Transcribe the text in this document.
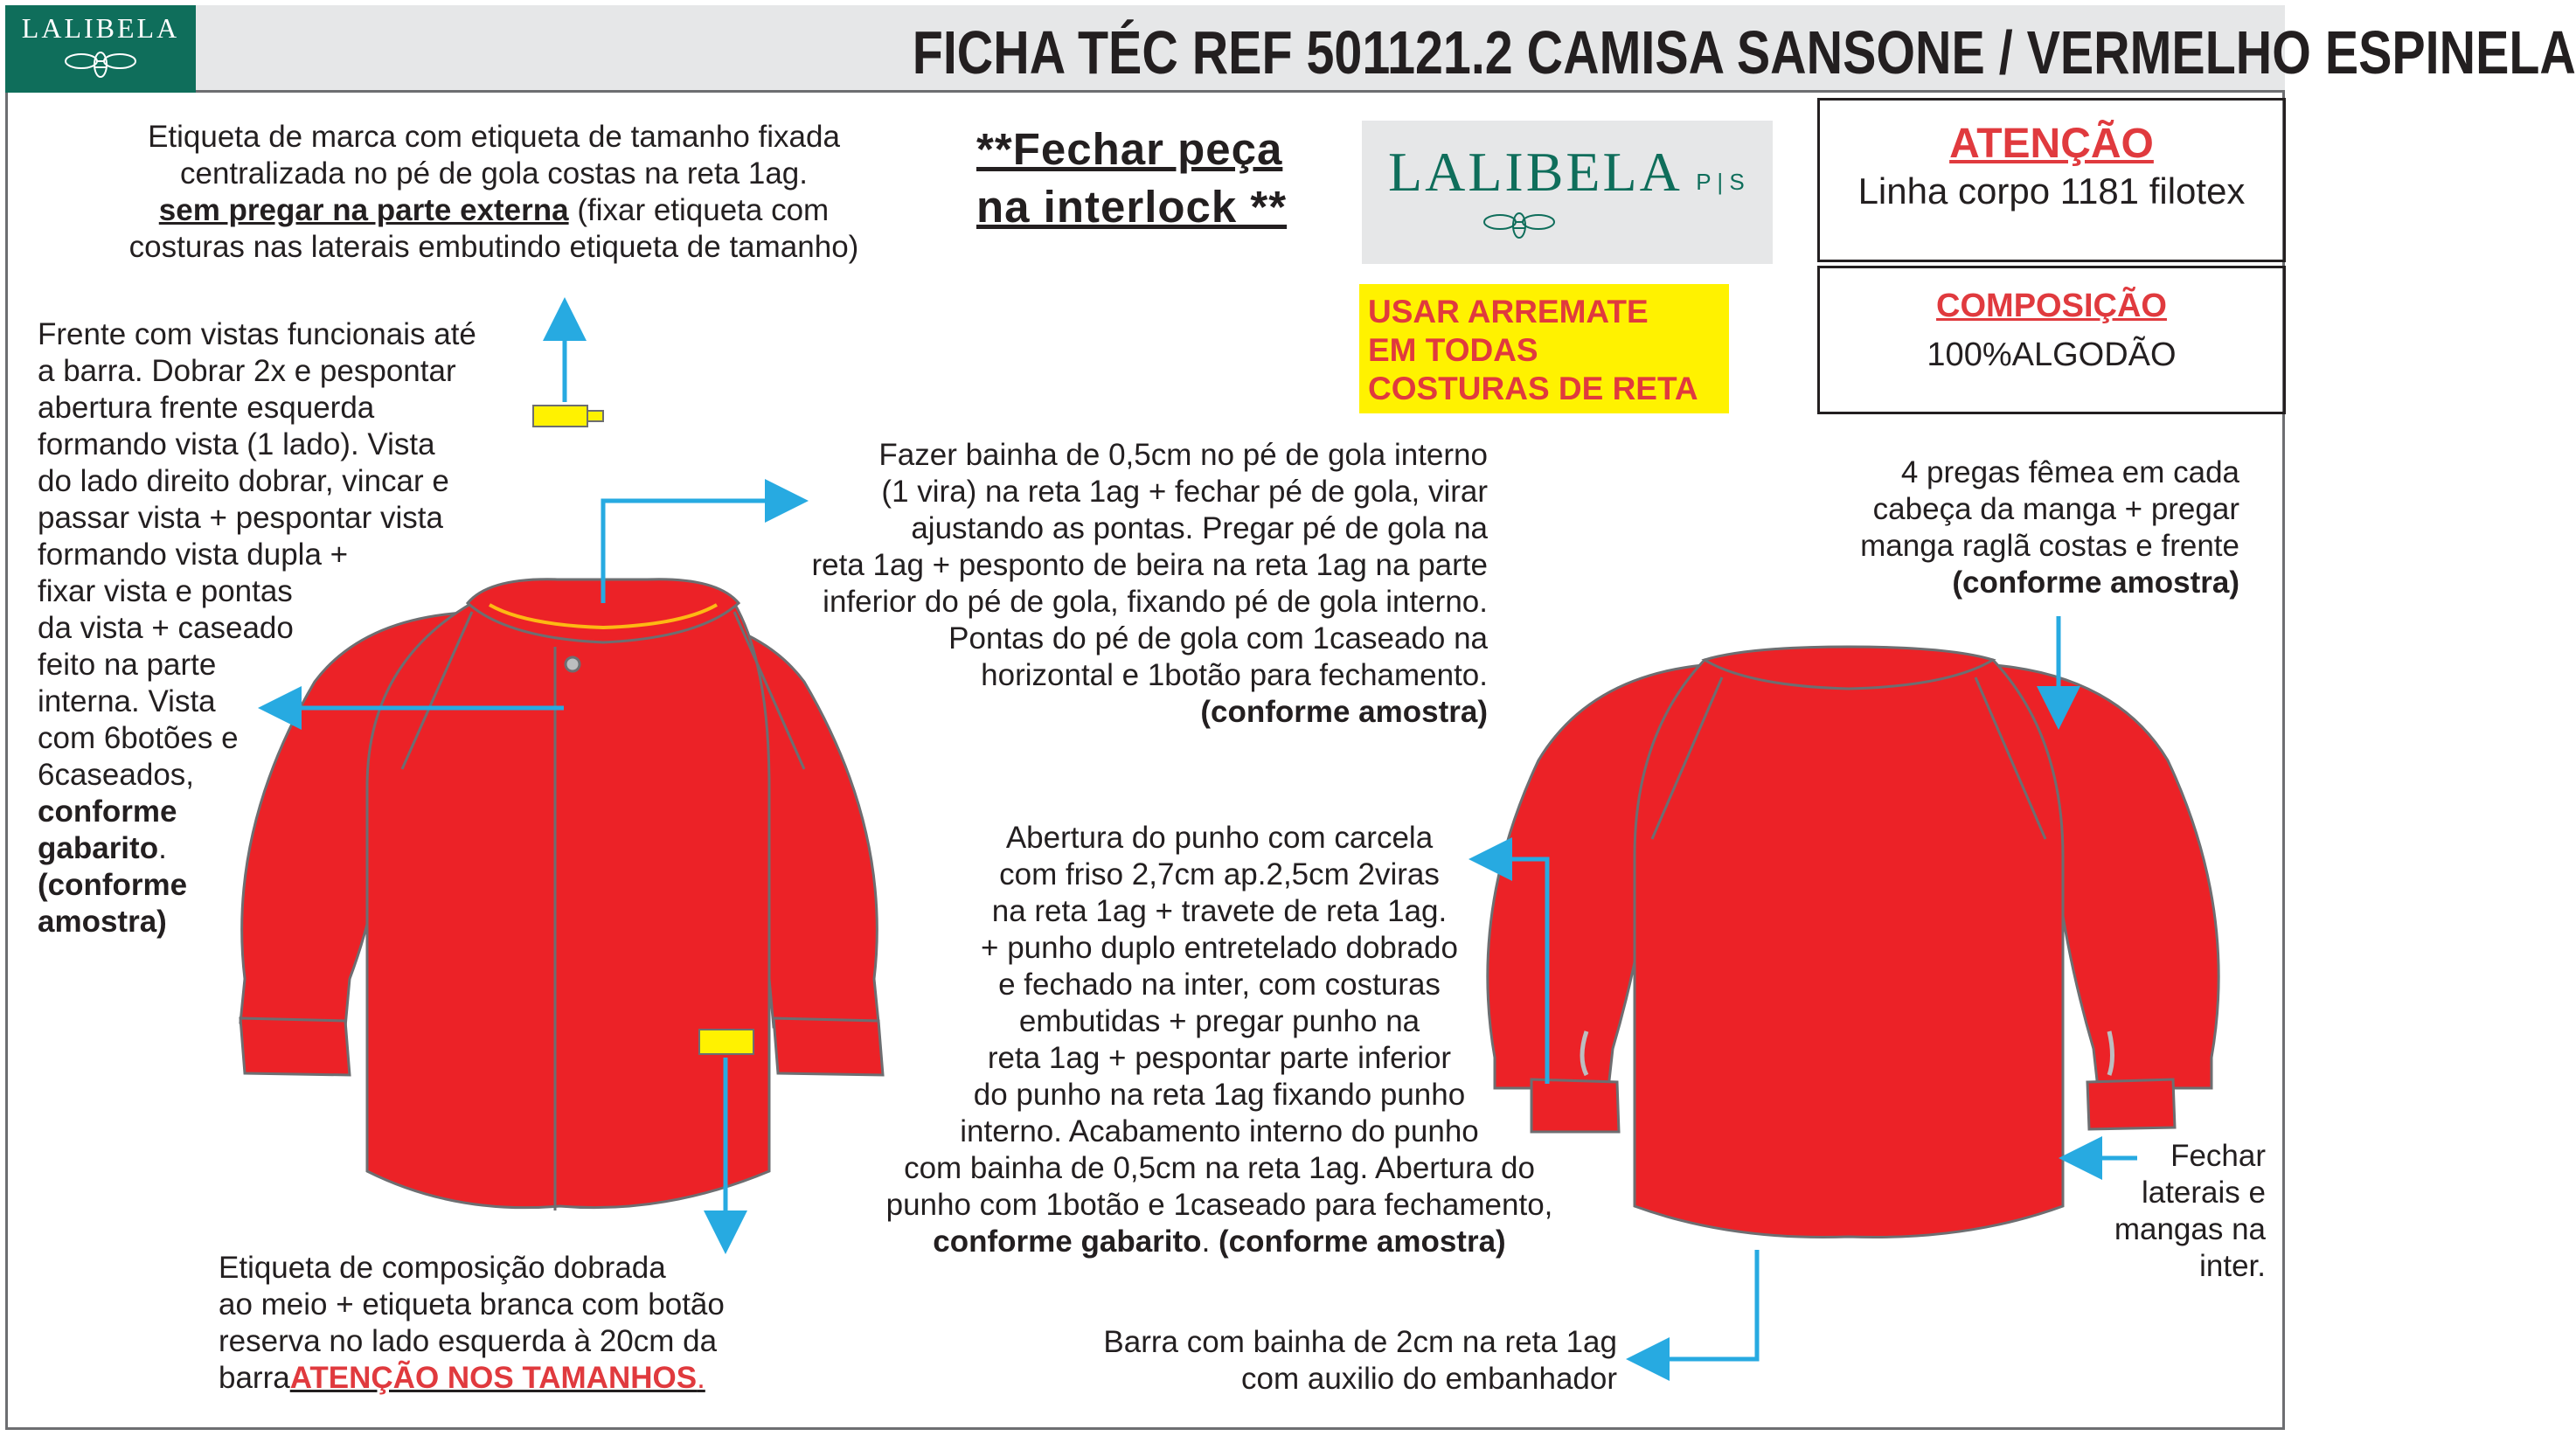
LALIBELA	FICHA TÉC REF 501121.2 CAMISA SANSONE / VERMELHO ESPINELA
Etiqueta de marca com etiqueta de tamanho fixada
centralizada no pé de gola costas na reta 1ag.
sem pregar na parte externa (fixar etiqueta com
costuras nas laterais embutindo etiqueta de tamanho)
Frente com vistas funcionais até
a barra. Dobrar 2x e pespontar
abertura frente esquerda
formando vista (1 lado). Vista
do lado direito dobrar, vincar e
passar vista + pespontar vista
formando vista dupla +
fixar vista e pontas
da vista + caseado
feito na parte
interna. Vista
com 6botões e
6caseados,
conforme
gabarito.
(conforme
amostra)
**Fechar peça
na interlock **
LALIBELA P | S
USAR ARREMATE
EM TODAS
COSTURAS DE RETA
ATENÇÃO
Linha corpo 1181 filotex
COMPOSIÇÃO
100%ALGODÃO
Fazer bainha de 0,5cm no pé de gola interno
(1 vira) na reta 1ag + fechar pé de gola, virar
ajustando as pontas. Pregar pé de gola na
reta 1ag + pesponto de beira na reta 1ag na parte
inferior do pé de gola, fixando pé de gola interno.
Pontas do pé de gola com 1caseado na
horizontal e 1botão para fechamento.
(conforme amostra)
4 pregas fêmea em cada
cabeça da manga + pregar
manga raglã costas e frente
(conforme amostra)
Abertura do punho com carcela
com friso 2,7cm ap.2,5cm 2viras
na reta 1ag + travete de reta 1ag.
+ punho duplo entretelado dobrado
e fechado na inter, com costuras
embutidas + pregar punho na
reta 1ag + pespontar parte inferior
do punho na reta 1ag fixando punho
interno. Acabamento interno do punho
com bainha de 0,5cm na reta 1ag. Abertura do
punho com 1botão e 1caseado para fechamento,
conforme gabarito. (conforme amostra)
Fechar
laterais e
mangas na
inter.
Barra com bainha de 2cm na reta 1ag
com auxilio do embanhador
Etiqueta de composição dobrada
ao meio + etiqueta branca com botão
reserva no lado esquerda à 20cm da
barraATENÇÃO NOS TAMANHOS.
